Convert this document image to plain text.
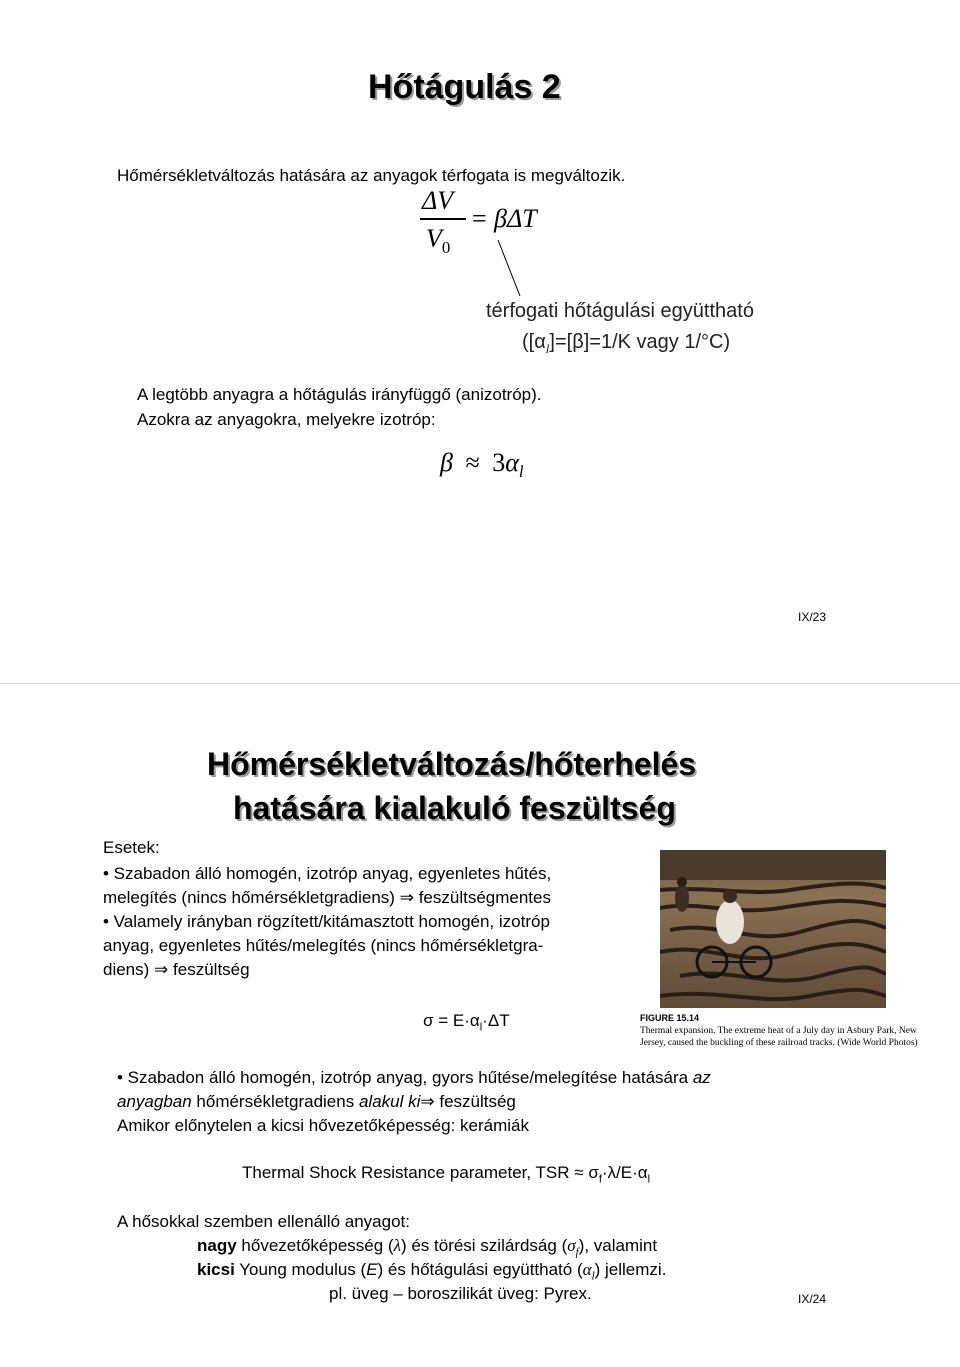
Hőtágulás 2
Hőmérsékletváltozás hatására az anyagok térfogata is megváltozik.
ΔV
$V_0$
= βΔT
térfogati hőtágulási együttható
($[\alpha_l]=[\beta]=1/K$ vagy 1/°C)
A legtöbb anyagra a hőtágulás irányfüggő (anizotróp).
Azokra az anyagokra, melyekre izotróp:
$\beta \approx 3\alpha_l$
IX/23
Hőmérsékletváltozás/hőterhelés
hatására kialakuló feszültség
Esetek:
• Szabadon álló homogén, izotróp anyag, egyenletes hűtés,
melegítés (nincs hőmérsékletgradiens) ⇒ feszültségmentes
• Valamely irányban rögzített/kitámasztott homogén, izotróp
anyag, egyenletes hűtés/melegítés (nincs hőmérsékletgra-
diens) ⇒ feszültség
FIGURE 15.14
Thermal expansion. The extreme heat of a July day in Asbury Park, New
Jersey, caused the buckling of these railroad tracks. (Wide World Photos)
$\sigma = E\cdot\alpha_l\cdot\Delta T$
• Szabadon álló homogén, izotróp anyag, gyors hűtése/melegítése hatására az
anyagban hőmérsékletgradiens alakul ki⇒ feszültség
Amikor előnytelen a kicsi hővezetőképesség: kerámiák
Thermal Shock Resistance parameter, TSR ≈ $\sigma_f\cdot\lambda/E\cdot\alpha_l$
A hősokkal szemben ellenálló anyagot:
nagy hővezetőképesség (λ) és törési szilárdság $(\sigma_f)$, valamint
kicsi Young modulus (E) és hőtágulási együttható $(\alpha_l)$ jellemzi.
pl. üveg – boroszilikát üveg: Pyrex.	IX/24
